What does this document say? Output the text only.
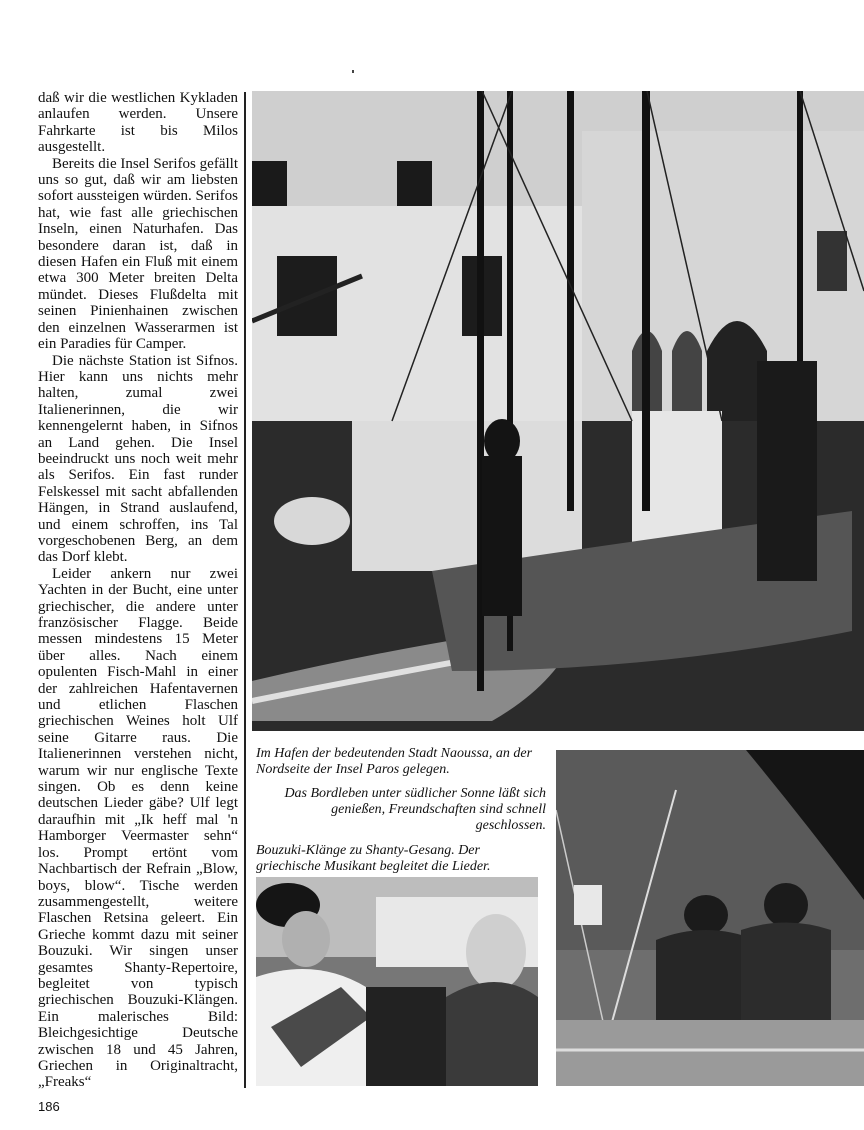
daß wir die westlichen Kykladen anlaufen werden. Unsere Fahrkarte ist bis Milos ausgestellt.

Bereits die Insel Serifos gefällt uns so gut, daß wir am liebsten sofort aussteigen würden. Serifos hat, wie fast alle griechischen Inseln, einen Naturhafen. Das besondere daran ist, daß in diesen Hafen ein Fluß mit einem etwa 300 Meter breiten Delta mündet. Dieses Flußdelta mit seinen Pinienhainen zwischen den einzelnen Wasserarmen ist ein Paradies für Camper.

Die nächste Station ist Sifnos. Hier kann uns nichts mehr halten, zumal zwei Italienerinnen, die wir kennengelernt haben, in Sifnos an Land gehen. Die Insel beeindruckt uns noch weit mehr als Serifos. Ein fast runder Felskessel mit sacht abfallenden Hängen, in Strand auslaufend, und einem schroffen, ins Tal vorgeschobenen Berg, an dem das Dorf klebt.

Leider ankern nur zwei Yachten in der Bucht, eine unter griechischer, die andere unter französischer Flagge. Beide messen mindestens 15 Meter über alles. Nach einem opulenten Fisch-Mahl in einer der zahlreichen Hafentavernen und etlichen Flaschen griechischen Weines holt Ulf seine Gitarre raus. Die Italienerinnen verstehen nicht, warum wir nur englische Texte singen. Ob es denn keine deutschen Lieder gäbe? Ulf legt daraufhin mit „Ik heff mal 'n Hamborger Veermaster sehn“ los. Prompt ertönt vom Nachbartisch der Refrain „Blow, boys, blow“. Tische werden zusammengestellt, weitere Flaschen Retsina geleert. Ein Grieche kommt dazu mit seiner Bouzuki. Wir singen unser gesamtes Shanty-Repertoire, begleitet von typisch griechischen Bouzuki-Klängen. Ein malerisches Bild: Bleichgesichtige Deutsche zwischen 18 und 45 Jahren, Griechen in Originaltracht, „Freaks“

Im Hafen der bedeutenden Stadt Naoussa, an der Nordseite der Insel Paros gelegen.
Das Bordleben unter südlicher Sonne läßt sich genießen, Freundschaften sind schnell geschlossen.
Bouzuki-Klänge zu Shanty-Gesang. Der griechische Musikant begleitet die Lieder.
186
